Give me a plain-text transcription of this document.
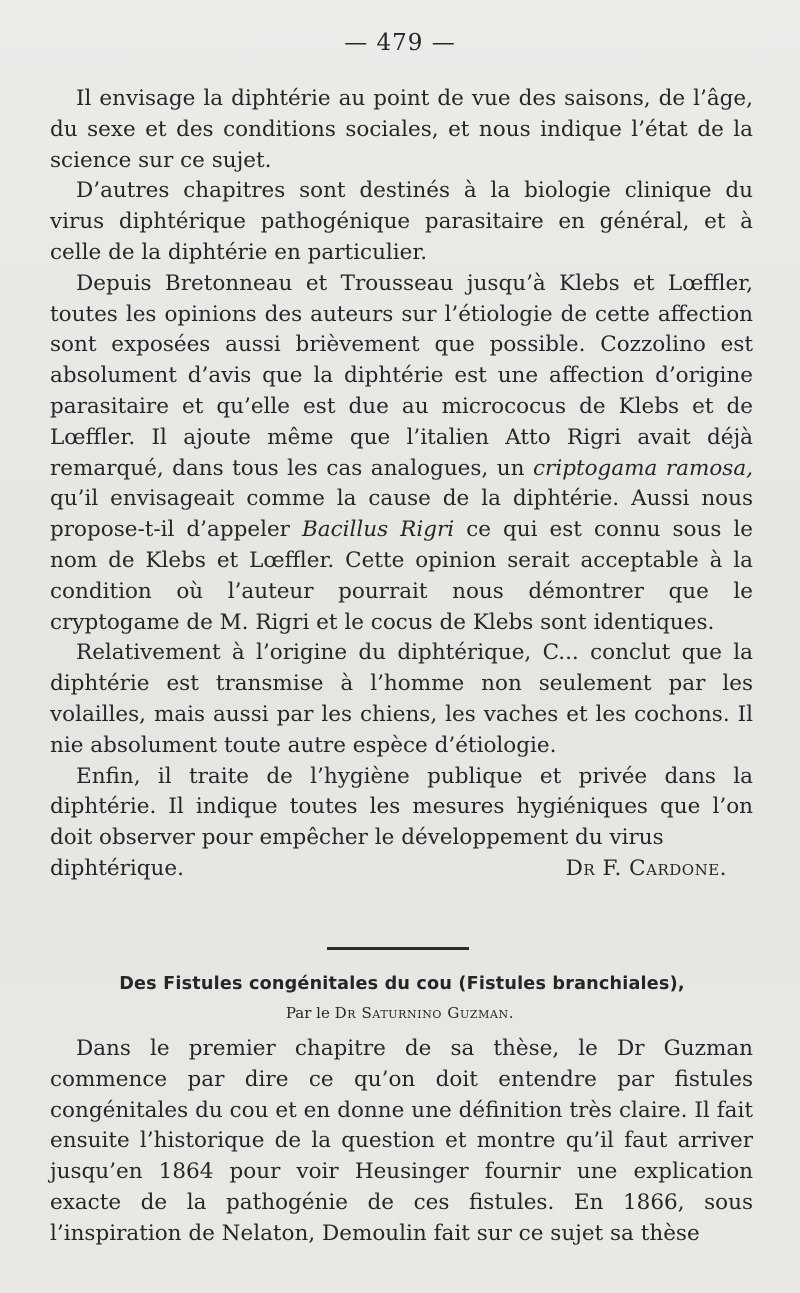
— 479 —

Il envisage la diphtérie au point de vue des saisons, de l’âge, du sexe et des conditions sociales, et nous indique l’état de la science sur ce sujet.

D’autres chapitres sont destinés à la biologie clinique du virus diphtérique pathogénique parasitaire en général, et à celle de la diphtérie en particulier.

Depuis Bretonneau et Trousseau jusqu’à Klebs et Lœffler, toutes les opinions des auteurs sur l’étiologie de cette affection sont exposées aussi brièvement que possible. Cozzolino est absolument d’avis que la diphtérie est une affection d’origine parasitaire et qu’elle est due au micrococus de Klebs et de Lœffler. Il ajoute même que l’italien Atto Rigri avait déjà remarqué, dans tous les cas analogues, un criptogama ramosa, qu’il envisageait comme la cause de la diphtérie. Aussi nous propose-t-il d’appeler Bacillus Rigri ce qui est connu sous le nom de Klebs et Lœffler. Cette opinion serait acceptable à la condition où l’auteur pourrait nous démontrer que le cryptogame de M. Rigri et le cocus de Klebs sont identiques.

Relativement à l’origine du diphtérique, C... conclut que la diphtérie est transmise à l’homme non seulement par les volailles, mais aussi par les chiens, les vaches et les cochons. Il nie absolument toute autre espèce d’étiologie.

Enfin, il traite de l’hygiène publique et privée dans la diphtérie. Il indique toutes les mesures hygiéniques que l’on doit observer pour empêcher le développement du virus

diphtérique.	Dr F. Cardone.
Des Fistules congénitales du cou (Fistules branchiales),
Par le Dr Saturnino Guzman.

Dans le premier chapitre de sa thèse, le Dr Guzman commence par dire ce qu’on doit entendre par fistules congénitales du cou et en donne une définition très claire. Il fait ensuite l’historique de la question et montre qu’il faut arriver jusqu’en 1864 pour voir Heusinger fournir une explication exacte de la pathogénie de ces fistules. En 1866, sous l’inspiration de Nelaton, Demoulin fait sur ce sujet sa thèse
